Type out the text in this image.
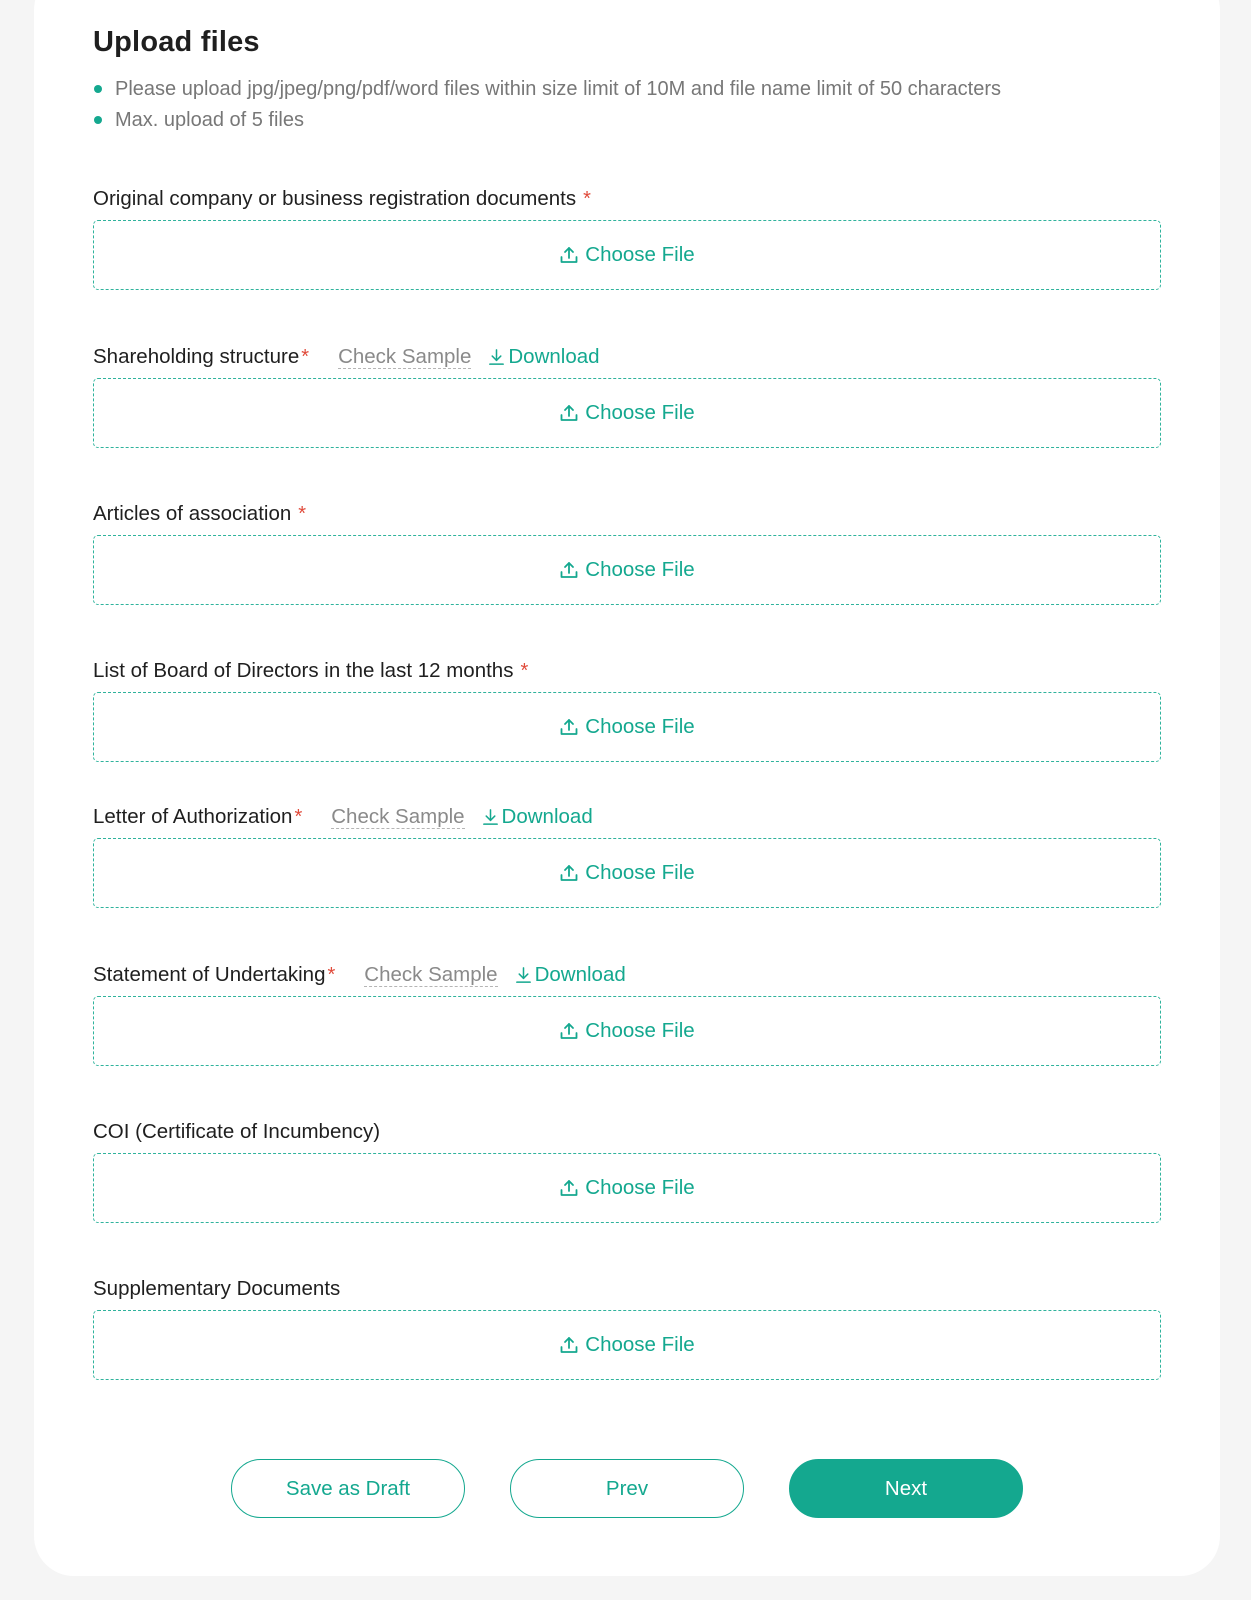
Upload files
Please upload jpg/jpeg/png/pdf/word files within size limit of 10M and file name limit of 50 characters
Max. upload of 5 files
Original company or business registration documents *
Choose File
Shareholding structure * Check Sample Download
Choose File
Articles of association *
Choose File
List of Board of Directors in the last 12 months *
Choose File
Letter of Authorization * Check Sample Download
Choose File
Statement of Undertaking * Check Sample Download
Choose File
COI (Certificate of Incumbency)
Choose File
Supplementary Documents
Choose File
Save as Draft	Prev	Next
